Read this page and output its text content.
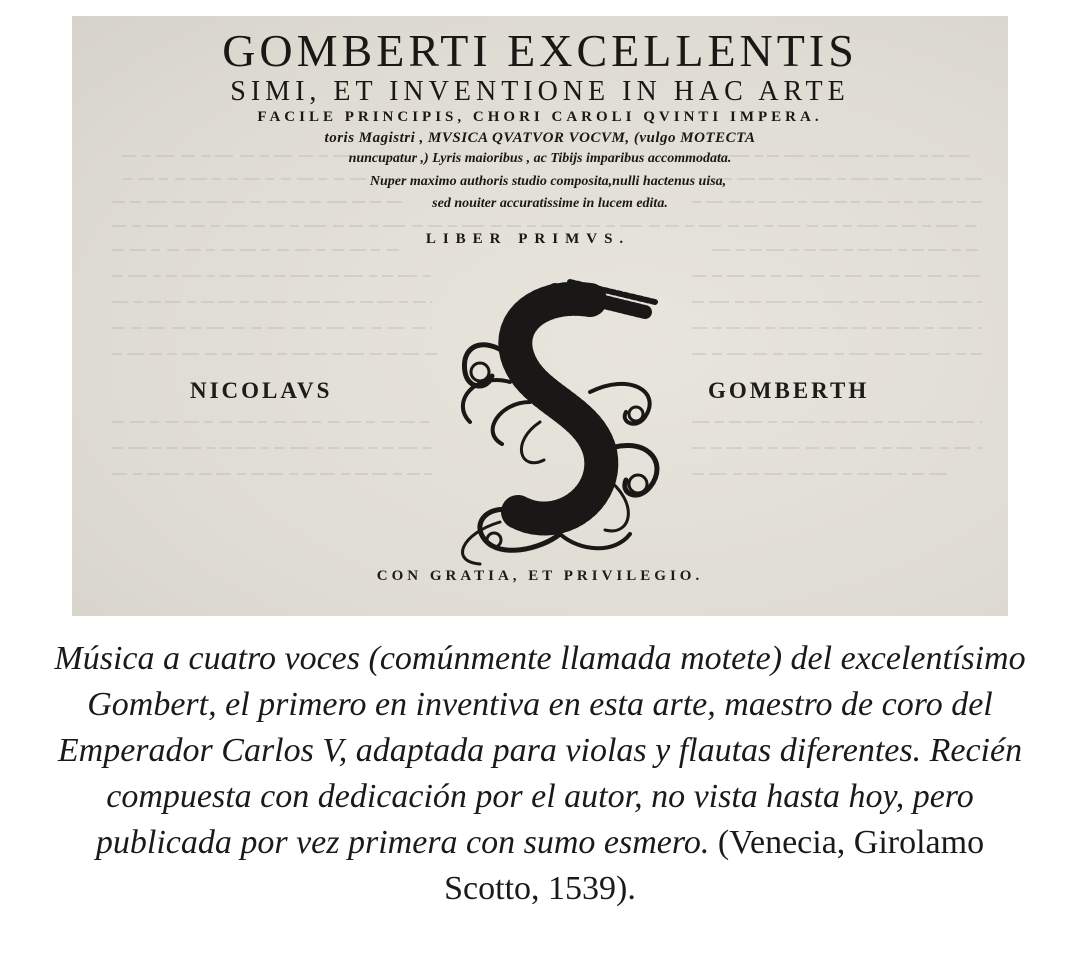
GOMBERTI EXCELLENTIS

SIMI, ET INVENTIONE IN HAC ARTE

FACILE PRINCIPIS, CHORI CAROLI QVINTI IMPERA.

toris Magistri , MVSICA QVATVOR VOCVM, (vulgo MOTECTA

nuncupatur ,) Lyris maioribus , ac Tibijs imparibus accommodata.

Nuper maximo authoris studio composita,nulli hactenus uisa,

sed nouiter accuratissime in lucem edita.

LIBER PRIMVS.

NICOLAVS	GOMBERTH

CON GRATIA, ET PRIVILEGIO.

Música a cuatro voces (comúnmente llamada motete) del excelentísimo Gombert, el primero en inventiva en esta arte, maestro de coro del Emperador Carlos V, adaptada para violas y flautas diferentes. Recién compuesta con dedicación por el autor, no vista hasta hoy, pero publicada por vez primera con sumo esmero. (Venecia, Girolamo Scotto, 1539).
